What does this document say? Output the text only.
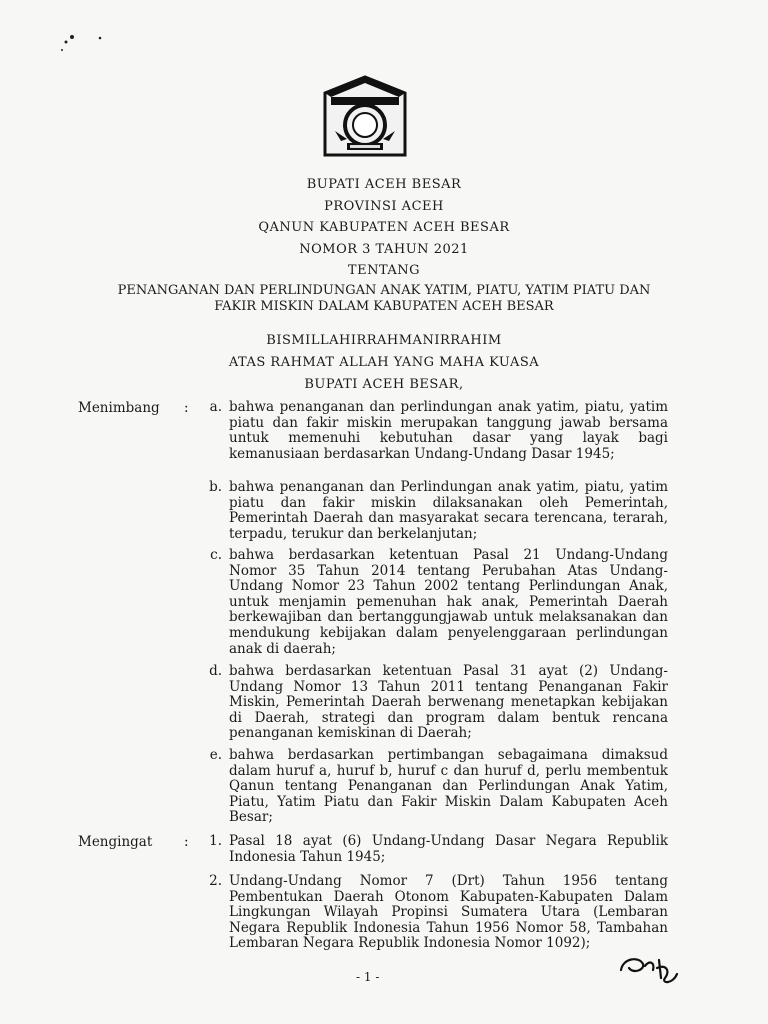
BUPATI ACEH BESAR
PROVINSI ACEH
QANUN KABUPATEN ACEH BESAR
NOMOR 3 TAHUN 2021
TENTANG
PENANGANAN DAN PERLINDUNGAN ANAK YATIM, PIATU, YATIM PIATU DAN
FAKIR MISKIN DALAM KABUPATEN ACEH BESAR
BISMILLAHIRRAHMANIRRAHIM
ATAS RAHMAT ALLAH YANG MAHA KUASA
BUPATI ACEH BESAR,
Menimbang :	a. bahwa penanganan dan perlindungan anak yatim, piatu, yatim piatu dan fakir miskin merupakan tanggung jawab bersama untuk memenuhi kebutuhan dasar yang layak bagi kemanusiaan berdasarkan Undang-Undang Dasar 1945;
b. bahwa penanganan dan Perlindungan anak yatim, piatu, yatim piatu dan fakir miskin dilaksanakan oleh Pemerintah, Pemerintah Daerah dan masyarakat secara terencana, terarah, terpadu, terukur dan berkelanjutan;
c. bahwa berdasarkan ketentuan Pasal 21 Undang-Undang Nomor 35 Tahun 2014 tentang Perubahan Atas Undang-Undang Nomor 23 Tahun 2002 tentang Perlindungan Anak, untuk menjamin pemenuhan hak anak, Pemerintah Daerah berkewajiban dan bertanggungjawab untuk melaksanakan dan mendukung kebijakan dalam penyelenggaraan perlindungan anak di daerah;
d. bahwa berdasarkan ketentuan Pasal 31 ayat (2) Undang-Undang Nomor 13 Tahun 2011 tentang Penanganan Fakir Miskin, Pemerintah Daerah berwenang menetapkan kebijakan di Daerah, strategi dan program dalam bentuk rencana penanganan kemiskinan di Daerah;
e. bahwa berdasarkan pertimbangan sebagaimana dimaksud dalam huruf a, huruf b, huruf c dan huruf d, perlu membentuk Qanun tentang Penanganan dan Perlindungan Anak Yatim, Piatu, Yatim Piatu dan Fakir Miskin Dalam Kabupaten Aceh Besar;
Mengingat :	1. Pasal 18 ayat (6) Undang-Undang Dasar Negara Republik Indonesia Tahun 1945;
2. Undang-Undang Nomor 7 (Drt) Tahun 1956 tentang Pembentukan Daerah Otonom Kabupaten-Kabupaten Dalam Lingkungan Wilayah Propinsi Sumatera Utara (Lembaran Negara Republik Indonesia Tahun 1956 Nomor 58, Tambahan Lembaran Negara Republik Indonesia Nomor 1092);
- 1 -
